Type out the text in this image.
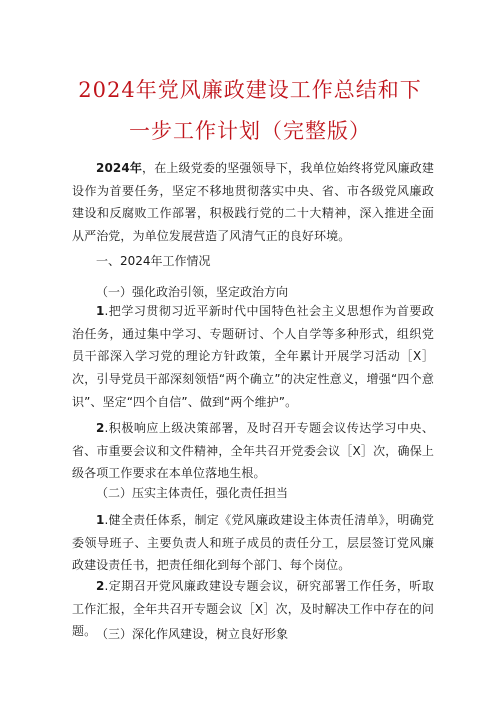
2024年党风廉政建设工作总结和下
一步工作计划（完整版）

2024年，在上级党委的坚强领导下，我单位始终将党风廉政建设作为首要任务，坚定不移地贯彻落实中央、省、市各级党风廉政建设和反腐败工作部署，积极践行党的二十大精神，深入推进全面从严治党，为单位发展营造了风清气正的良好环境。

一、2024年工作情况

（一）强化政治引领，坚定政治方向

1.把学习贯彻习近平新时代中国特色社会主义思想作为首要政治任务，通过集中学习、专题研讨、个人自学等多种形式，组织党员干部深入学习党的理论方针政策，全年累计开展学习活动［X］次，引导党员干部深刻领悟“两个确立”的决定性意义，增强“四个意识”、坚定“四个自信”、做到“两个维护”。

2.积极响应上级决策部署，及时召开专题会议传达学习中央、省、市重要会议和文件精神，全年共召开党委会议［X］次，确保上级各项工作要求在本单位落地生根。

（二）压实主体责任，强化责任担当

1.健全责任体系，制定《党风廉政建设主体责任清单》，明确党委领导班子、主要负责人和班子成员的责任分工，层层签订党风廉政建设责任书，把责任细化到每个部门、每个岗位。

2.定期召开党风廉政建设专题会议，研究部署工作任务，听取工作汇报，全年共召开专题会议［X］次，及时解决工作中存在的问题。 （三）深化作风建设，树立良好形象
